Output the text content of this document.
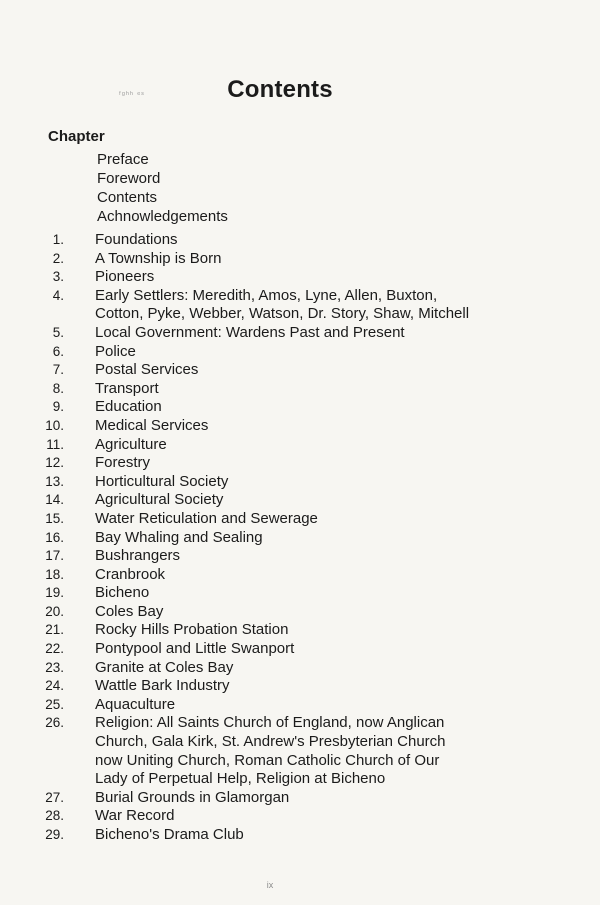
ᶠᵍʰʰ ᵉˢ	Contents
Chapter
Preface
Foreword
Contents
Achnowledgements
1. Foundations
2. A Township is Born
3. Pioneers
4. Early Settlers: Meredith, Amos, Lyne, Allen, Buxton,
Cotton, Pyke, Webber, Watson, Dr. Story, Shaw, Mitchell
5. Local Government: Wardens Past and Present
6. Police
7. Postal Services
8. Transport
9. Education
10. Medical Services
11. Agriculture
12. Forestry
13. Horticultural Society
14. Agricultural Society
15. Water Reticulation and Sewerage
16. Bay Whaling and Sealing
17. Bushrangers
18. Cranbrook
19. Bicheno
20. Coles Bay
21. Rocky Hills Probation Station
22. Pontypool and Little Swanport
23. Granite at Coles Bay
24. Wattle Bark Industry
25. Aquaculture
26. Religion: All Saints Church of England, now Anglican
Church, Gala Kirk, St. Andrew's Presbyterian Church
now Uniting Church, Roman Catholic Church of Our
Lady of Perpetual Help, Religion at Bicheno
27. Burial Grounds in Glamorgan
28. War Record
29. Bicheno's Drama Club
ix
